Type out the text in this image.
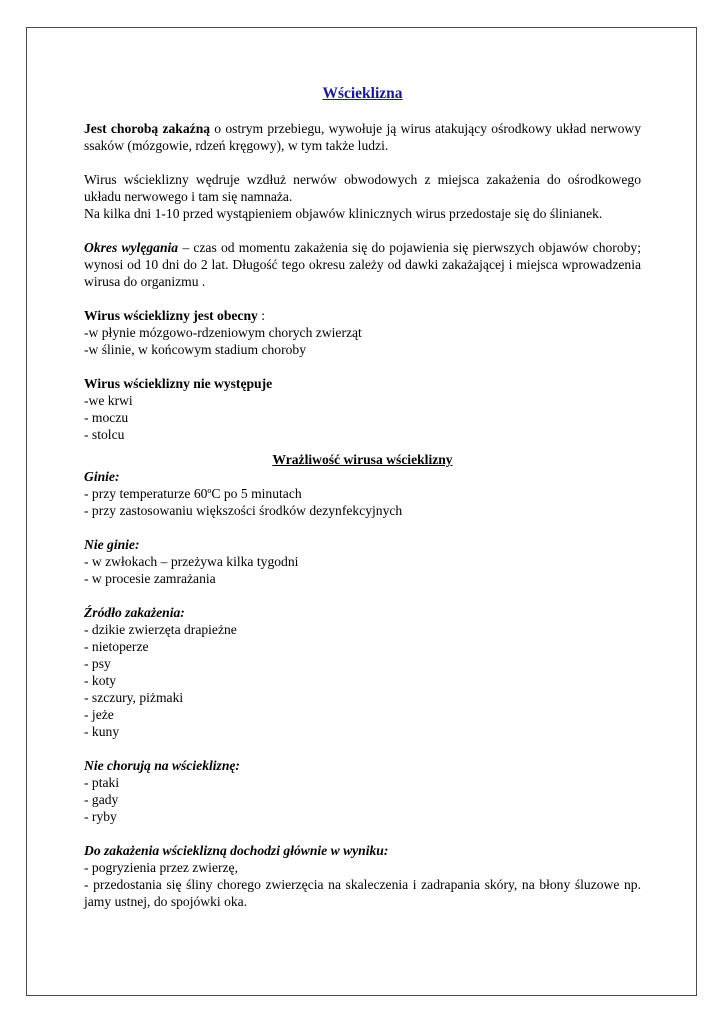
Wścieklizna

Jest chorobą zakaźną o ostrym przebiegu, wywołuje ją wirus atakujący ośrodkowy układ nerwowy ssaków (mózgowie, rdzeń kręgowy), w tym także ludzi.

Wirus wścieklizny wędruje wzdłuż nerwów obwodowych z miejsca zakażenia do ośrodkowego układu nerwowego i tam się namnaża.

Na kilka dni 1-10 przed wystąpieniem objawów klinicznych wirus przedostaje się do ślinianek.

Okres wylęgania – czas od momentu zakażenia się do pojawienia się pierwszych objawów choroby; wynosi od 10 dni do 2 lat. Długość tego okresu zależy od dawki zakażającej i miejsca wprowadzenia wirusa do organizmu .

Wirus wścieklizny jest obecny :

-w płynie mózgowo-rdzeniowym chorych zwierząt

-w ślinie, w końcowym stadium choroby

Wirus wścieklizny nie występuje

-we krwi

- moczu

- stolcu

Wrażliwość wirusa wścieklizny

Ginie:

- przy temperaturze 60$^o$C po 5 minutach

- przy zastosowaniu większości środków dezynfekcyjnych

Nie ginie:

- w zwłokach – przeżywa kilka tygodni

- w procesie zamrażania

Źródło zakażenia:

- dzikie zwierzęta drapieżne

- nietoperze

- psy

- koty

- szczury, piżmaki

- jeże

- kuny

Nie chorują na wściekliznę:

- ptaki

- gady

- ryby

Do zakażenia wścieklizną dochodzi głównie w wyniku:

- pogryzienia przez zwierzę,

- przedostania się śliny chorego zwierzęcia na skaleczenia i zadrapania skóry, na błony śluzowe np. jamy ustnej, do spojówki oka.
